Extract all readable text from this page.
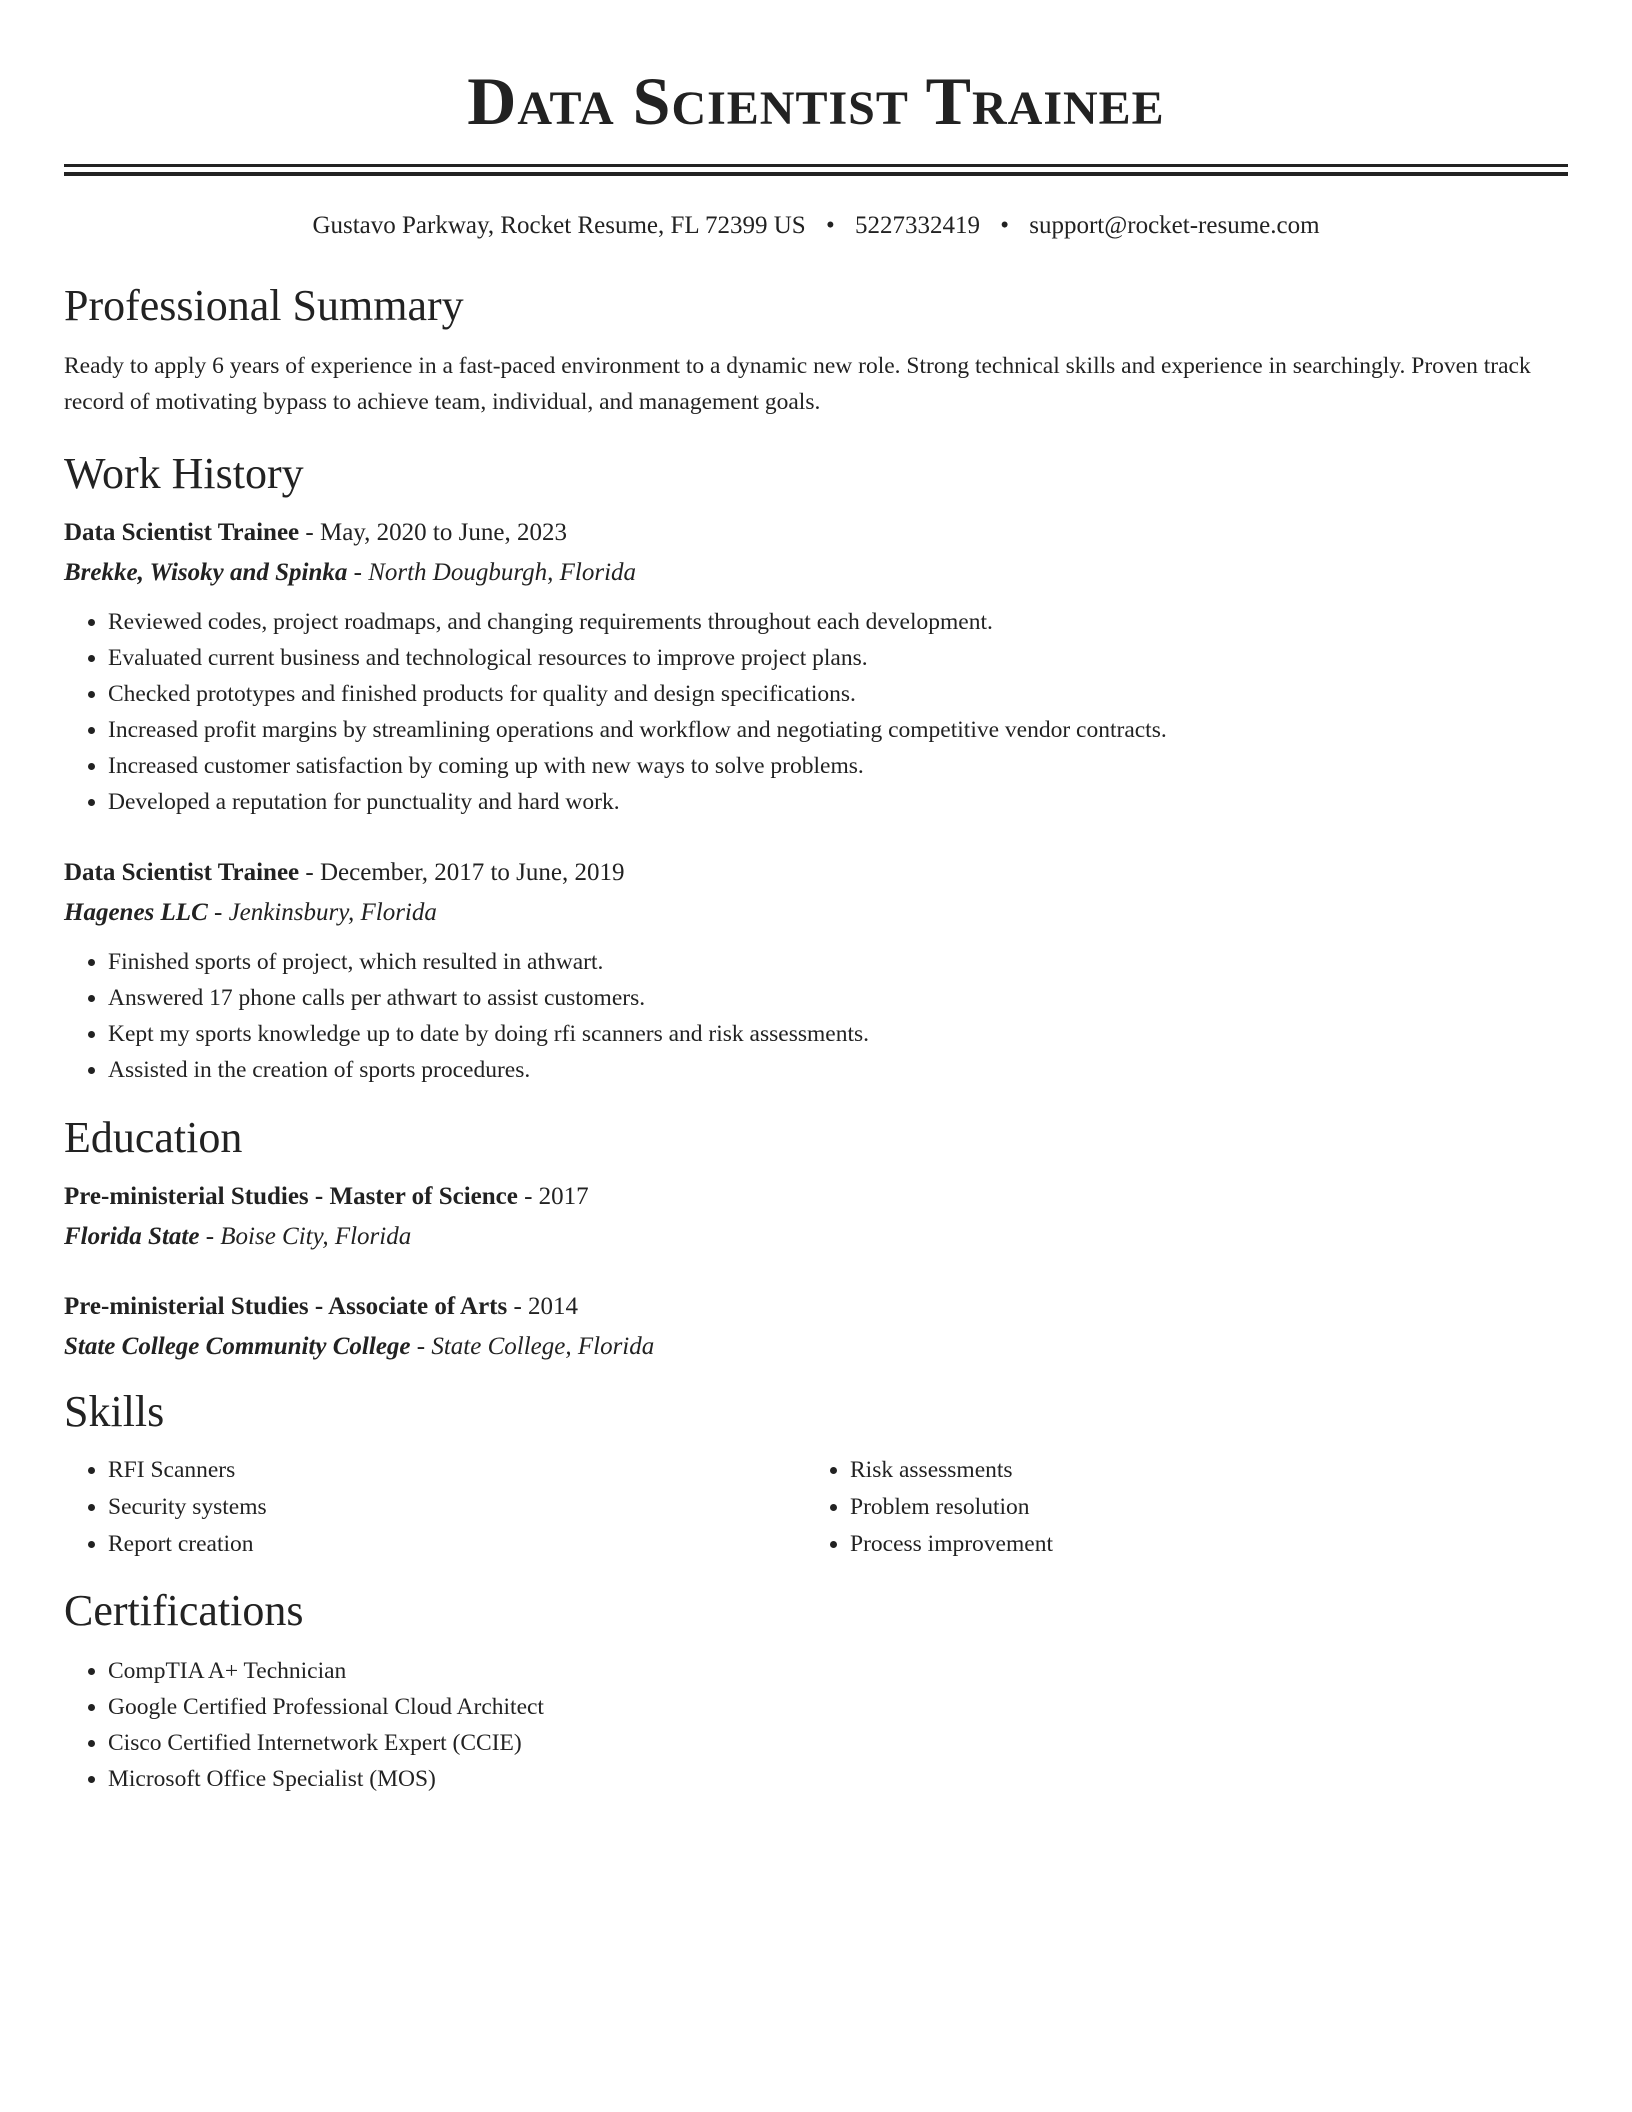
Data Scientist Trainee
Gustavo Parkway, Rocket Resume, FL 72399 US • 5227332419 • support@rocket-resume.com
Professional Summary
Ready to apply 6 years of experience in a fast-paced environment to a dynamic new role. Strong technical skills and experience in searchingly. Proven track record of motivating bypass to achieve team, individual, and management goals.
Work History
Data Scientist Trainee - May, 2020 to June, 2023
Brekke, Wisoky and Spinka - North Dougburgh, Florida
• Reviewed codes, project roadmaps, and changing requirements throughout each development.
• Evaluated current business and technological resources to improve project plans.
• Checked prototypes and finished products for quality and design specifications.
• Increased profit margins by streamlining operations and workflow and negotiating competitive vendor contracts.
• Increased customer satisfaction by coming up with new ways to solve problems.
• Developed a reputation for punctuality and hard work.
Data Scientist Trainee - December, 2017 to June, 2019
Hagenes LLC - Jenkinsbury, Florida
• Finished sports of project, which resulted in athwart.
• Answered 17 phone calls per athwart to assist customers.
• Kept my sports knowledge up to date by doing rfi scanners and risk assessments.
• Assisted in the creation of sports procedures.
Education
Pre-ministerial Studies - Master of Science - 2017
Florida State - Boise City, Florida
Pre-ministerial Studies - Associate of Arts - 2014
State College Community College - State College, Florida
Skills
• RFI Scanners
• Security systems
• Report creation
• Risk assessments
• Problem resolution
• Process improvement
Certifications
• CompTIA A+ Technician
• Google Certified Professional Cloud Architect
• Cisco Certified Internetwork Expert (CCIE)
• Microsoft Office Specialist (MOS)
